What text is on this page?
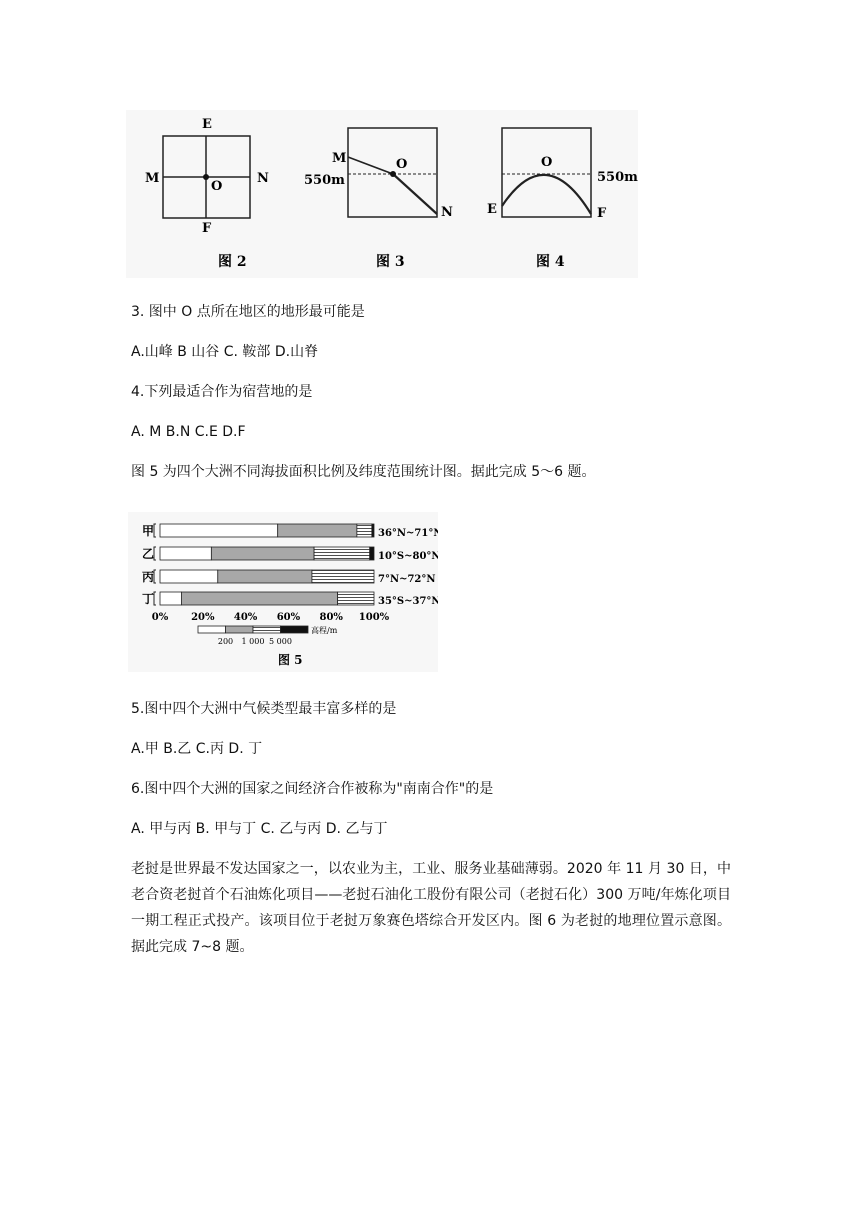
E
F
M	N
O
图 2
M	O
550m
N
图 3
O
550m
E	F
图 4
3. 图中 O 点所在地区的地形最可能是
A.山峰 B 山谷 C. 鞍部 D.山脊
4.下列最适合作为宿营地的是
A. M B.N C.E D.F
图 5 为四个大洲不同海拔面积比例及纬度范围统计图。据此完成 5～6 题。
甲	36°N~71°N
乙	10°S~80°N
丙	7°N~72°N
丁	35°S~37°N
0% 20% 40% 60% 80% 100%
高程/m
200 1 000 5 000
图 5
5.图中四个大洲中气候类型最丰富多样的是
A.甲 B.乙 C.丙 D. 丁
6.图中四个大洲的国家之间经济合作被称为"南南合作"的是
A. 甲与丙 B. 甲与丁 C. 乙与丙 D. 乙与丁
老挝是世界最不发达国家之一，以农业为主，工业、服务业基础薄弱。2020 年 11 月 30 日，中老合资老挝首个石油炼化项目——老挝石油化工股份有限公司（老挝石化）300 万吨/年炼化项目一期工程正式投产。该项目位于老挝万象赛色塔综合开发区内。图 6 为老挝的地理位置示意图。据此完成 7~8 题。
